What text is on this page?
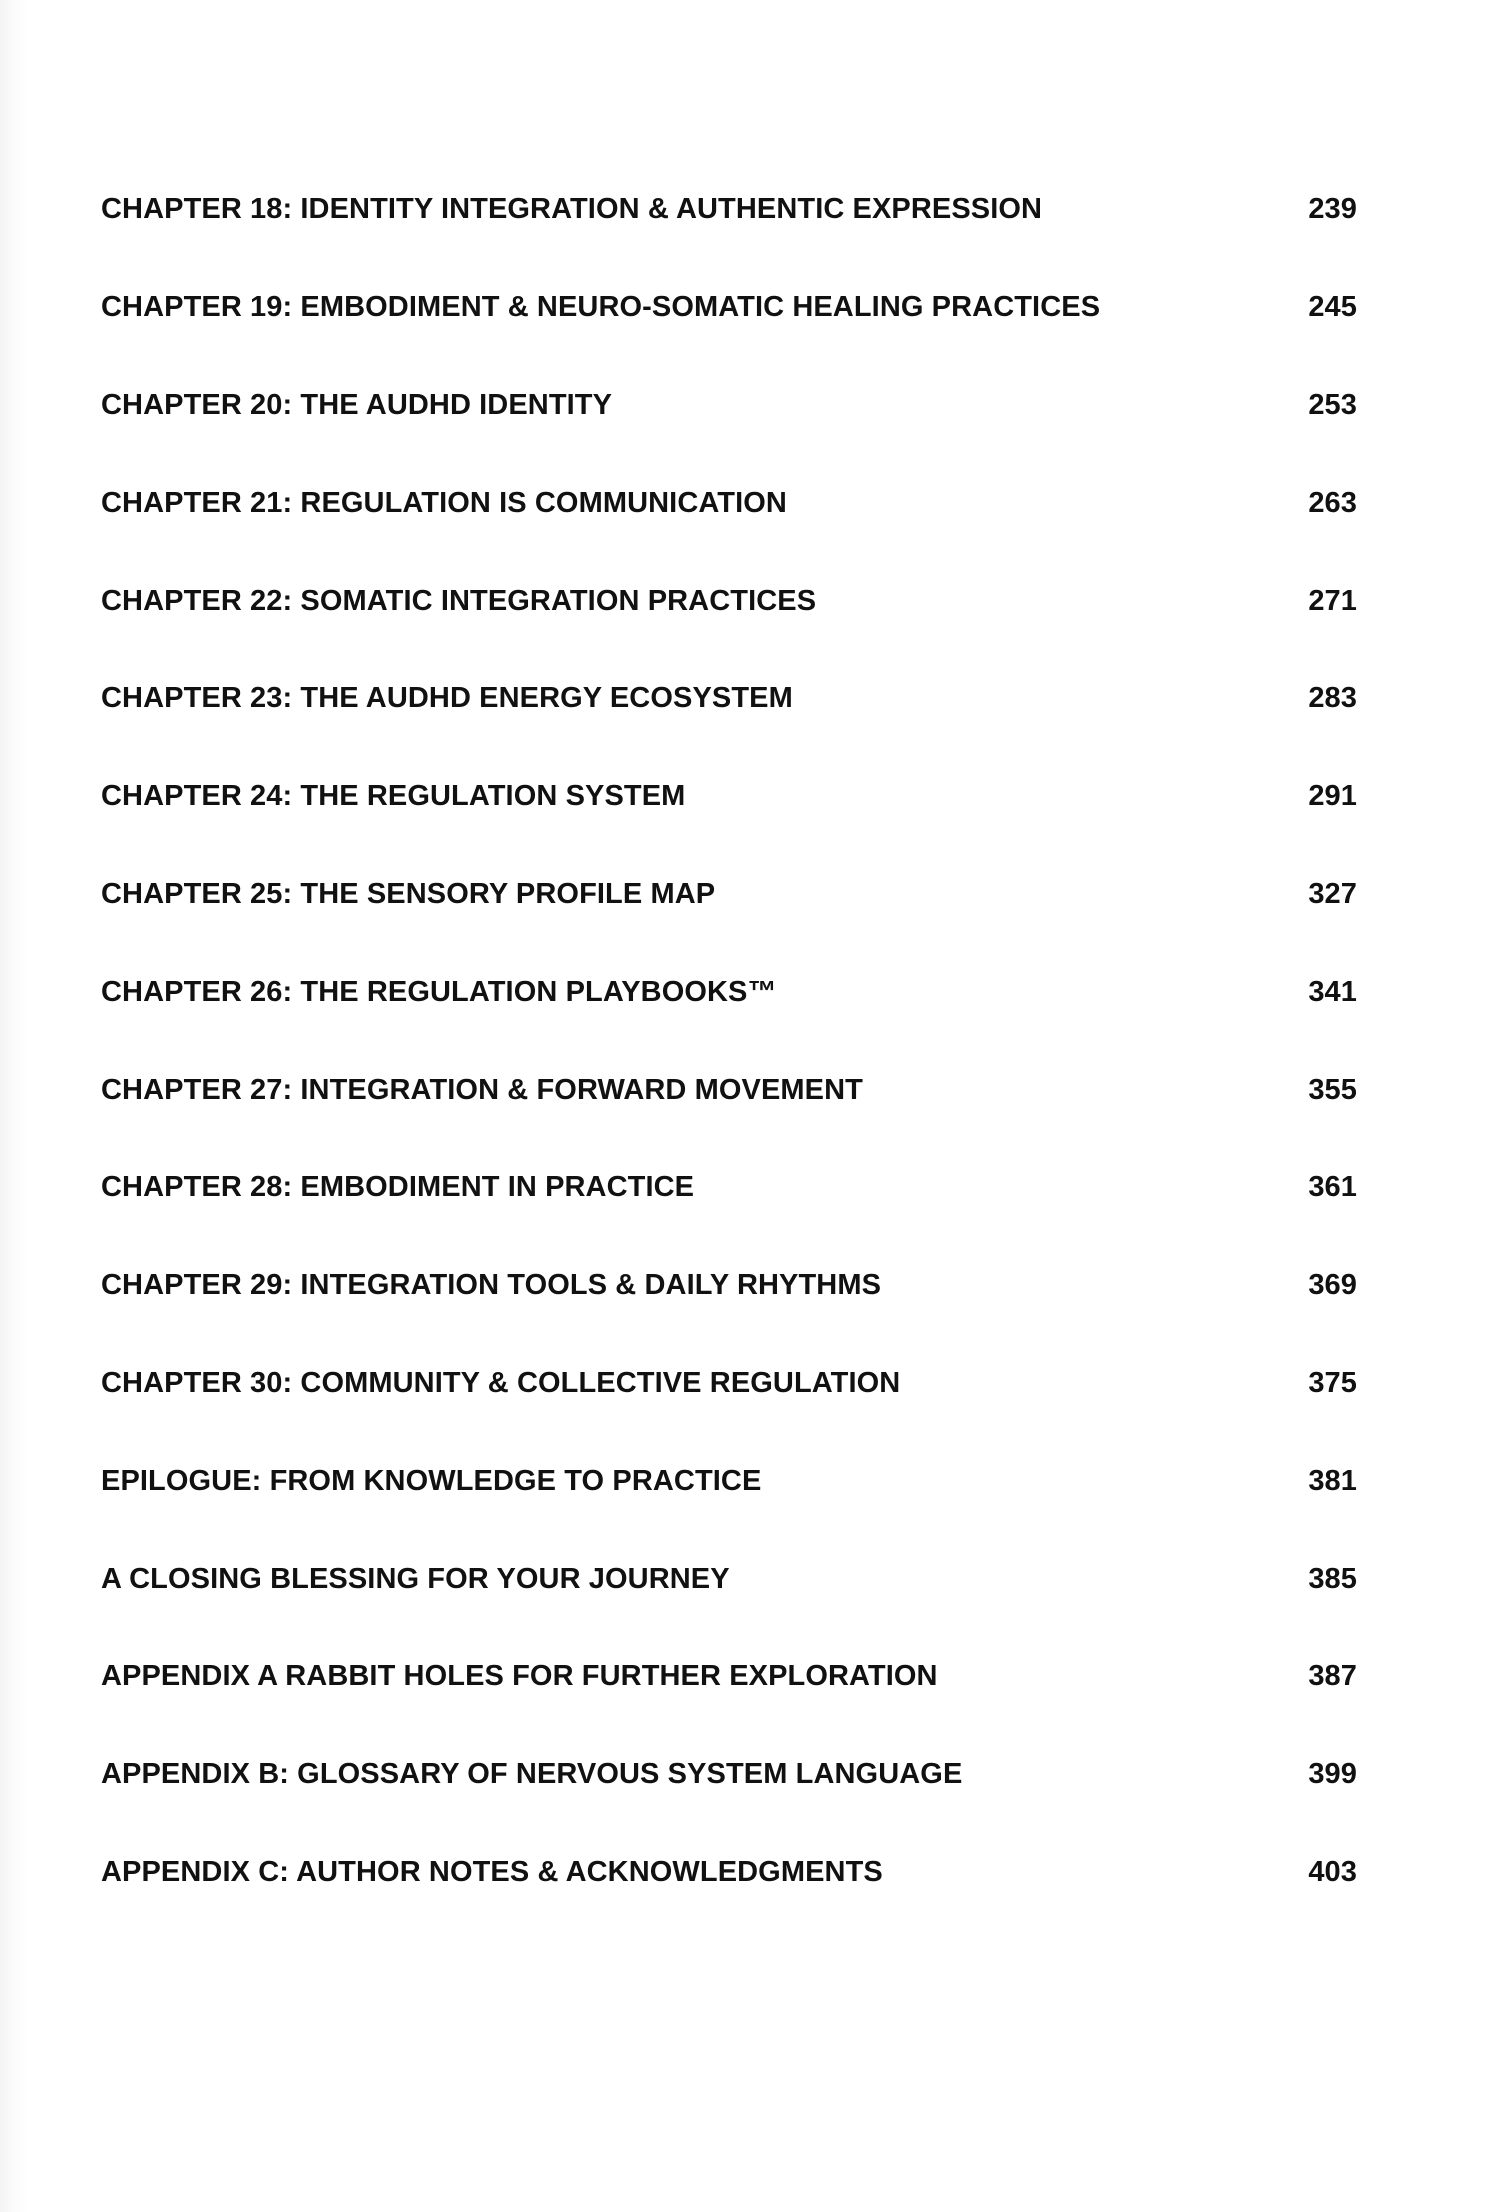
CHAPTER 18: IDENTITY INTEGRATION & AUTHENTIC EXPRESSION	239
CHAPTER 19: EMBODIMENT & NEURO-SOMATIC HEALING PRACTICES	245
CHAPTER 20: THE AUDHD IDENTITY	253
CHAPTER 21: REGULATION IS COMMUNICATION	263
CHAPTER 22: SOMATIC INTEGRATION PRACTICES	271
CHAPTER 23: THE AUDHD ENERGY ECOSYSTEM	283
CHAPTER 24: THE REGULATION SYSTEM	291
CHAPTER 25: THE SENSORY PROFILE MAP	327
CHAPTER 26: THE REGULATION PLAYBOOKS™	341
CHAPTER 27: INTEGRATION & FORWARD MOVEMENT	355
CHAPTER 28: EMBODIMENT IN PRACTICE	361
CHAPTER 29: INTEGRATION TOOLS & DAILY RHYTHMS	369
CHAPTER 30: COMMUNITY & COLLECTIVE REGULATION	375
EPILOGUE: FROM KNOWLEDGE TO PRACTICE	381
A CLOSING BLESSING FOR YOUR JOURNEY	385
APPENDIX A RABBIT HOLES FOR FURTHER EXPLORATION	387
APPENDIX B: GLOSSARY OF NERVOUS SYSTEM LANGUAGE	399
APPENDIX C: AUTHOR NOTES & ACKNOWLEDGMENTS	403
